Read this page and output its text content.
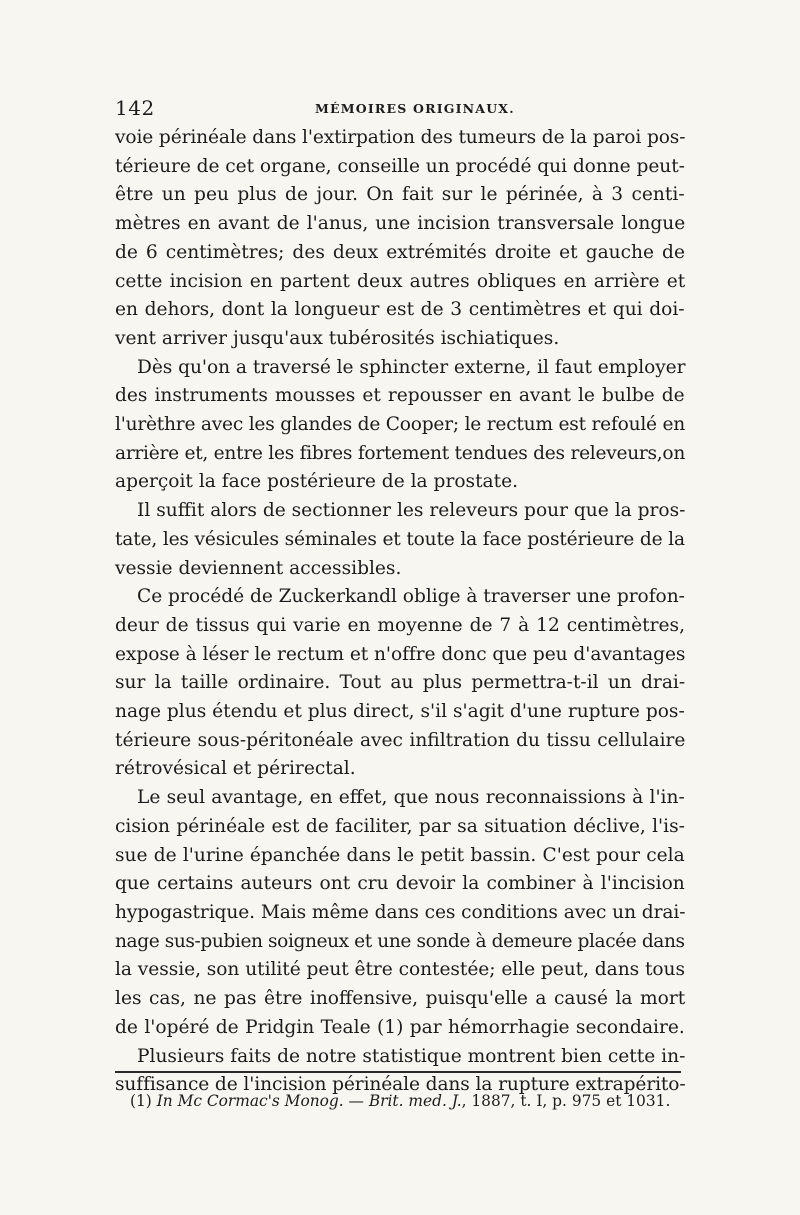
142	MÉMOIRES ORIGINAUX.
voie périnéale dans l'extirpation des tumeurs de la paroi pos-
térieure de cet organe, conseille un procédé qui donne peut-
être un peu plus de jour. On fait sur le périnée, à 3 centi-
mètres en avant de l'anus, une incision transversale longue
de 6 centimètres; des deux extrémités droite et gauche de
cette incision en partent deux autres obliques en arrière et
en dehors, dont la longueur est de 3 centimètres et qui doi-
vent arriver jusqu'aux tubérosités ischiatiques.
Dès qu'on a traversé le sphincter externe, il faut employer
des instruments mousses et repousser en avant le bulbe de
l'urèthre avec les glandes de Cooper; le rectum est refoulé en
arrière et, entre les fibres fortement tendues des releveurs,on
aperçoit la face postérieure de la prostate.
Il suffit alors de sectionner les releveurs pour que la pros-
tate, les vésicules séminales et toute la face postérieure de la
vessie deviennent accessibles.
Ce procédé de Zuckerkandl oblige à traverser une profon-
deur de tissus qui varie en moyenne de 7 à 12 centimètres,
expose à léser le rectum et n'offre donc que peu d'avantages
sur la taille ordinaire. Tout au plus permettra-t-il un drai-
nage plus étendu et plus direct, s'il s'agit d'une rupture pos-
térieure sous-péritonéale avec infiltration du tissu cellulaire
rétrovésical et périrectal.
Le seul avantage, en effet, que nous reconnaissions à l'in-
cision périnéale est de faciliter, par sa situation déclive, l'is-
sue de l'urine épanchée dans le petit bassin. C'est pour cela
que certains auteurs ont cru devoir la combiner à l'incision
hypogastrique. Mais même dans ces conditions avec un drai-
nage sus-pubien soigneux et une sonde à demeure placée dans
la vessie, son utilité peut être contestée; elle peut, dans tous
les cas, ne pas être inoffensive, puisqu'elle a causé la mort
de l'opéré de Pridgin Teale (1) par hémorrhagie secondaire.
Plusieurs faits de notre statistique montrent bien cette in-
suffisance de l'incision périnéale dans la rupture extrapérito-
(1) In Mc Cormac's Monog. — Brit. med. J., 1887, t. I, p. 975 et 1031.
